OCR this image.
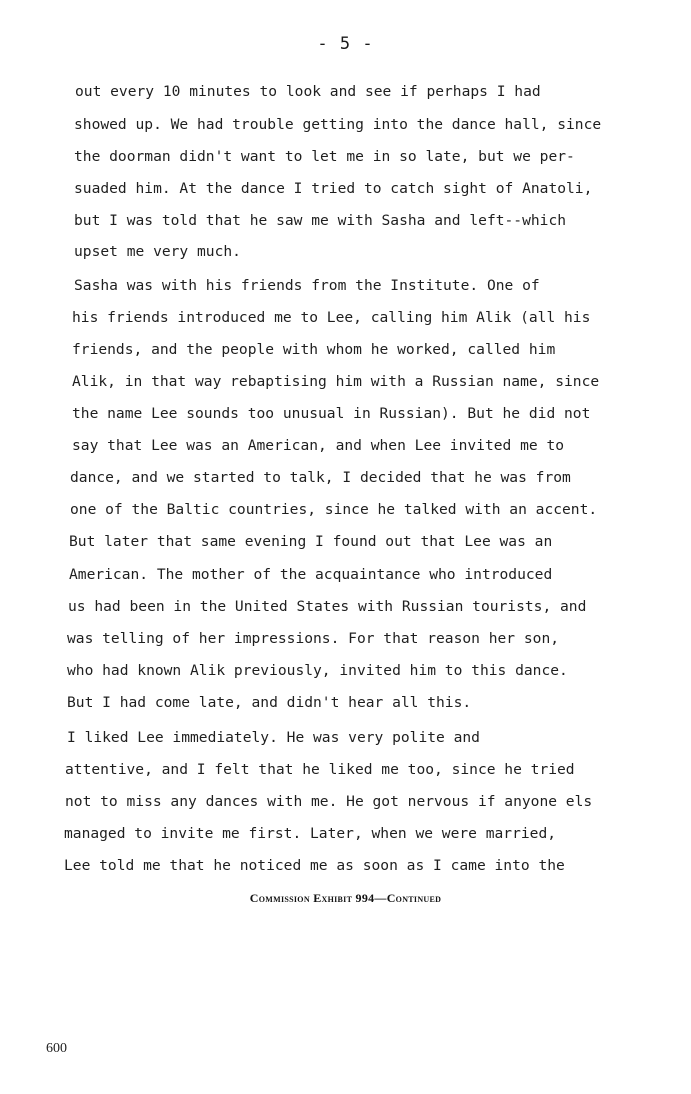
- 5 -
out every 10 minutes to look and see if perhaps I had
showed up. We had trouble getting into the dance hall, since
the doorman didn't want to let me in so late, but we per-
suaded him. At the dance I tried to catch sight of Anatoli,
but I was told that he saw me with Sasha and left--which
upset me very much.
Sasha was with his friends from the Institute. One of
his friends introduced me to Lee, calling him Alik (all his
friends, and the people with whom he worked, called him
Alik, in that way rebaptising him with a Russian name, since
the name Lee sounds too unusual in Russian). But he did not
say that Lee was an American, and when Lee invited me to
dance, and we started to talk, I decided that he was from
one of the Baltic countries, since he talked with an accent.
But later that same evening I found out that Lee was an
American. The mother of the acquaintance who introduced
us had been in the United States with Russian tourists, and
was telling of her impressions. For that reason her son,
who had known Alik previously, invited him to this dance.
But I had come late, and didn't hear all this.
I liked Lee immediately. He was very polite and
attentive, and I felt that he liked me too, since he tried
not to miss any dances with me. He got nervous if anyone els
managed to invite me first. Later, when we were married,
Lee told me that he noticed me as soon as I came into the
Commission Exhibit 994—Continued
600
